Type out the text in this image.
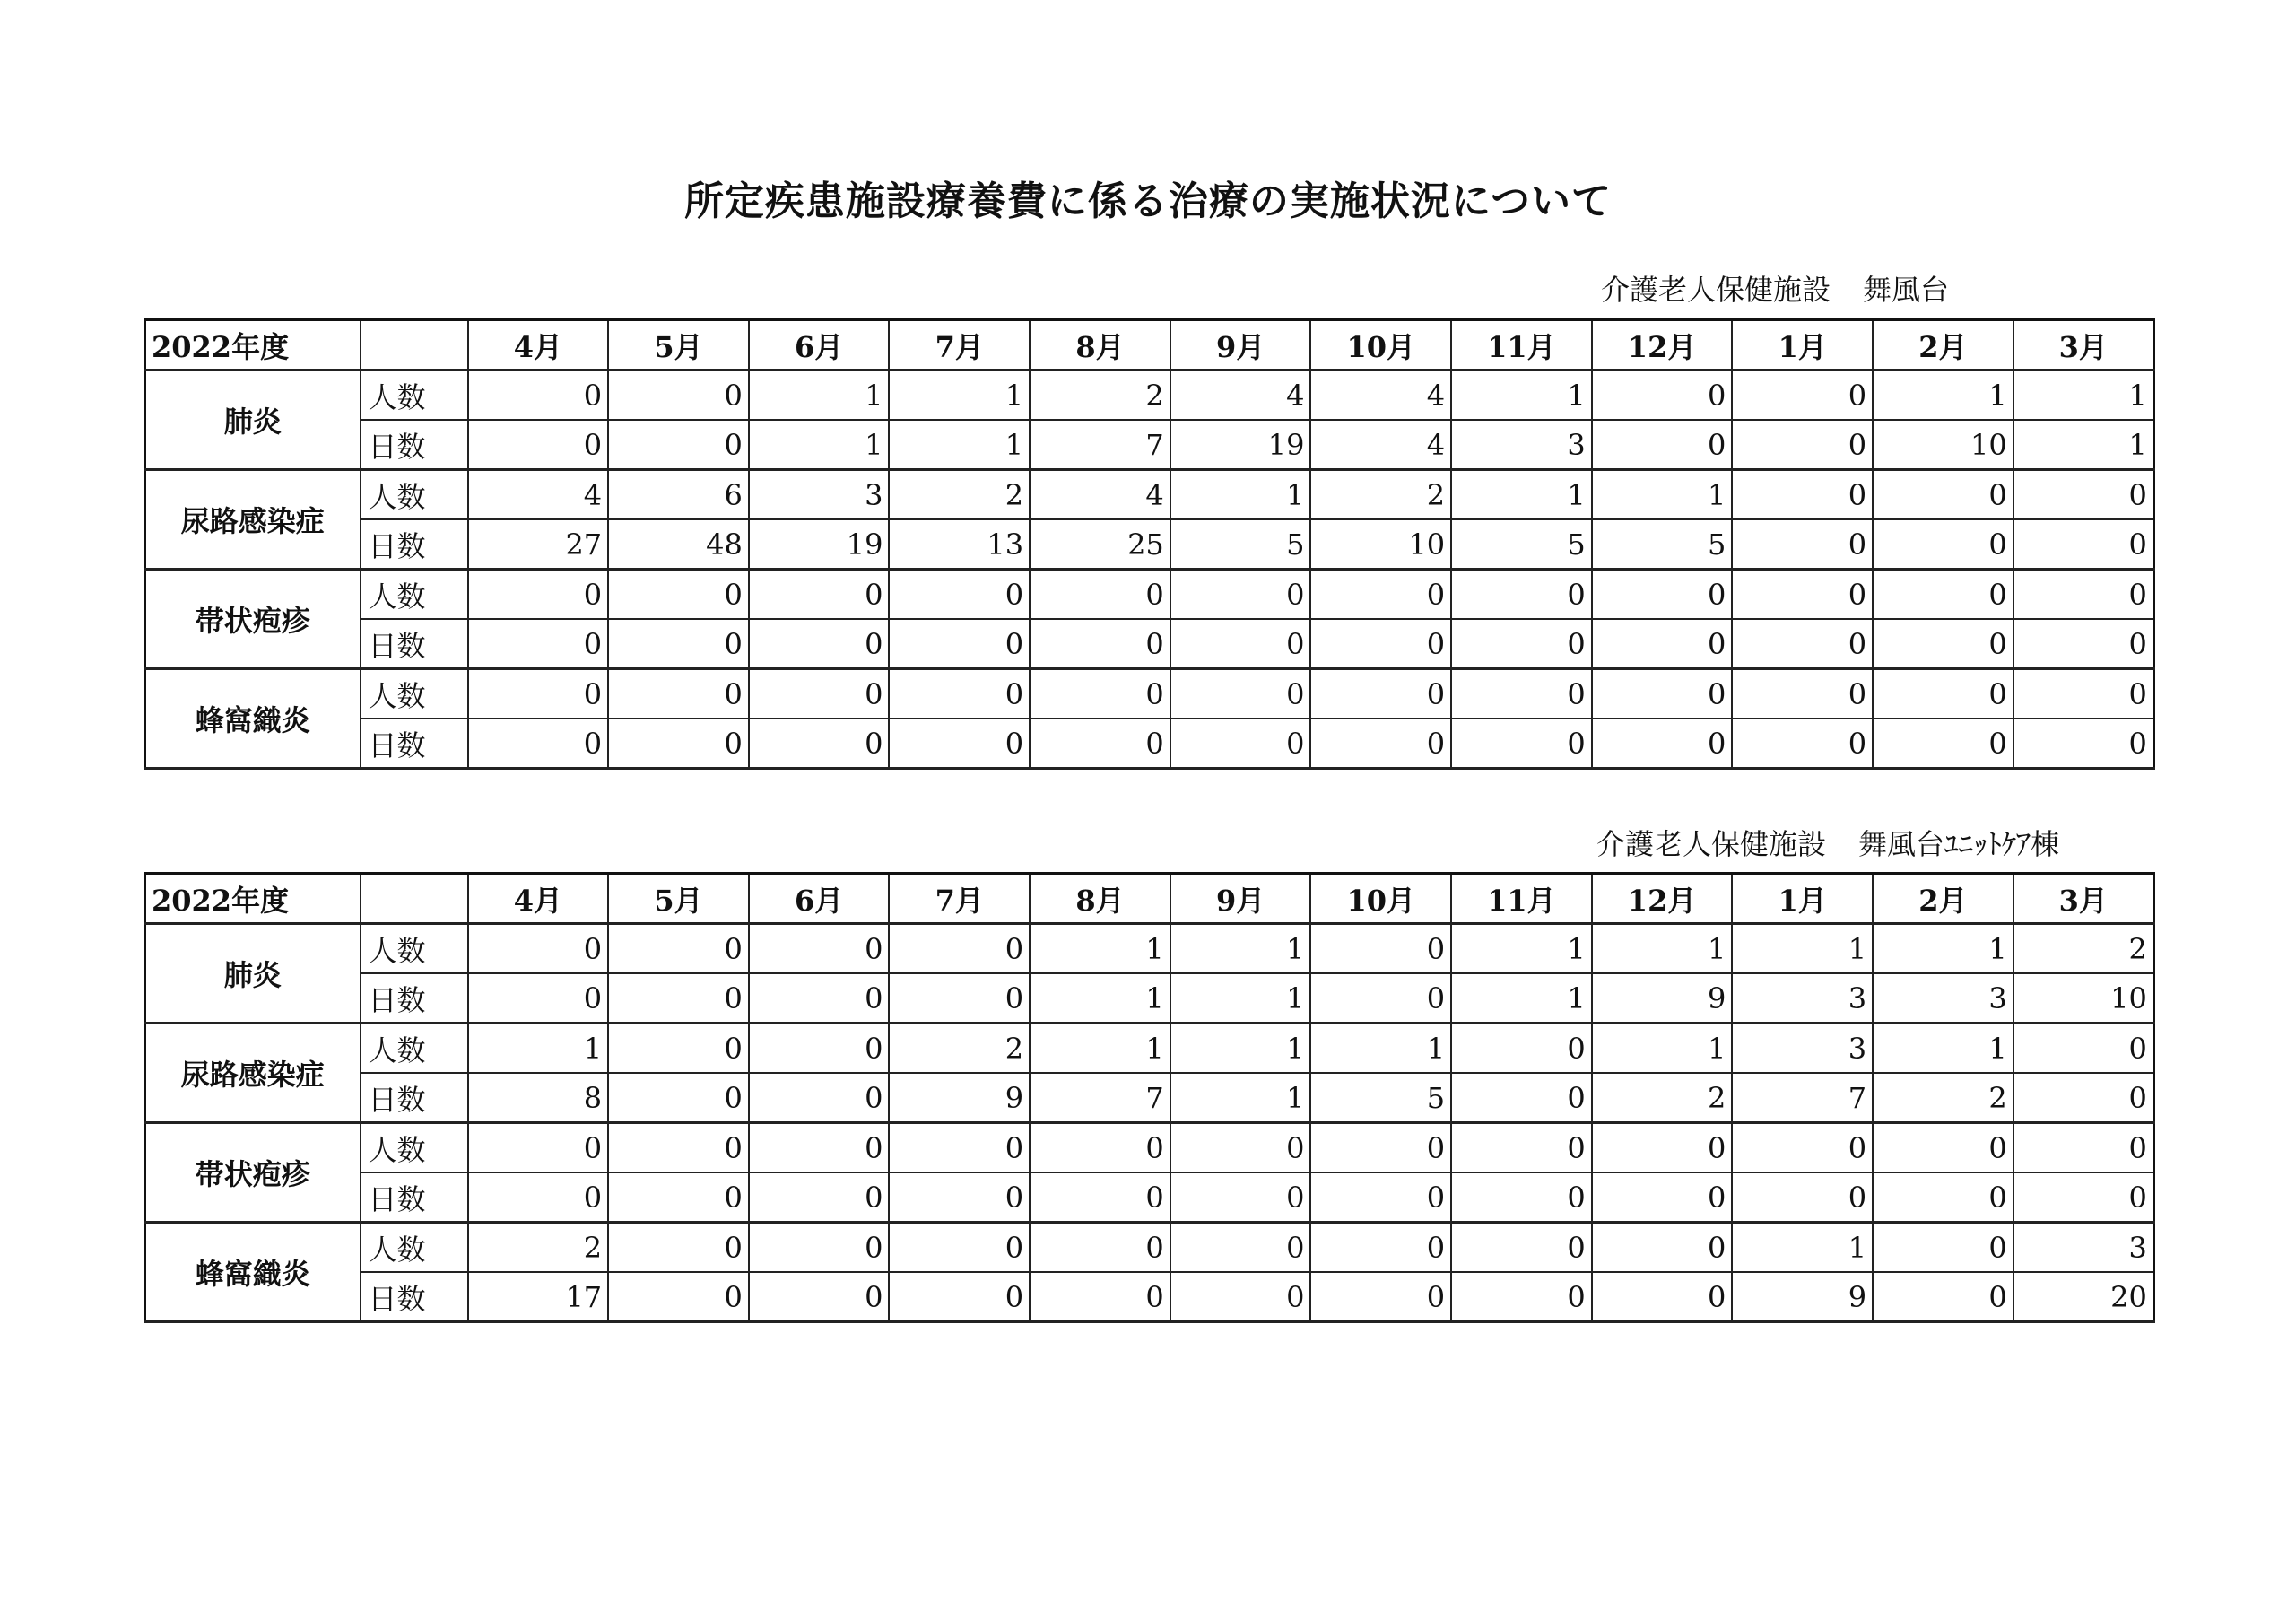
所定疾患施設療養費に係る治療の実施状況について
介護老人保健施設 舞風台
2022年度		4月	5月	6月	7月	8月	9月	10月	11月	12月	1月	2月	3月
肺炎	人数	0	0	1	1	2	4	4	1	0	0	1	1
	日数	0	0	1	1	7	19	4	3	0	0	10	1
尿路感染症	人数	4	6	3	2	4	1	2	1	1	0	0	0
	日数	27	48	19	13	25	5	10	5	5	0	0	0
帯状疱疹	人数	0	0	0	0	0	0	0	0	0	0	0	0
	日数	0	0	0	0	0	0	0	0	0	0	0	0
蜂窩織炎	人数	0	0	0	0	0	0	0	0	0	0	0	0
	日数	0	0	0	0	0	0	0	0	0	0	0	0
介護老人保健施設 舞風台ﾕﾆｯﾄｹｱ棟
2022年度		4月	5月	6月	7月	8月	9月	10月	11月	12月	1月	2月	3月
肺炎	人数	0	0	0	0	1	1	0	1	1	1	1	2
	日数	0	0	0	0	1	1	0	1	9	3	3	10
尿路感染症	人数	1	0	0	2	1	1	1	0	1	3	1	0
	日数	8	0	0	9	7	1	5	0	2	7	2	0
帯状疱疹	人数	0	0	0	0	0	0	0	0	0	0	0	0
	日数	0	0	0	0	0	0	0	0	0	0	0	0
蜂窩織炎	人数	2	0	0	0	0	0	0	0	0	1	0	3
	日数	17	0	0	0	0	0	0	0	0	9	0	20
